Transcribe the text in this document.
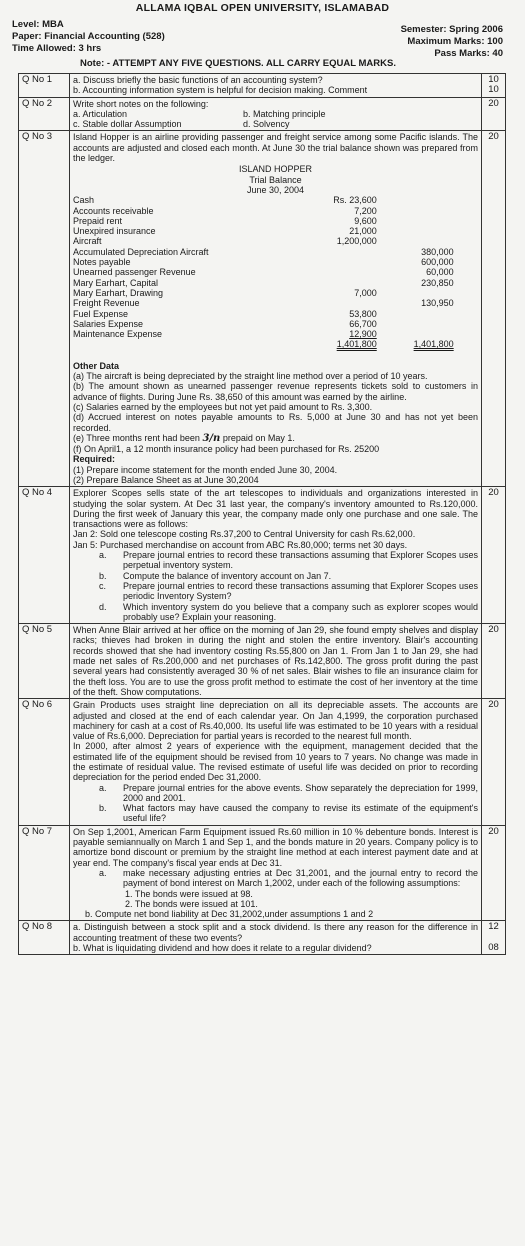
ALLAMA IQBAL OPEN UNIVERSITY, ISLAMABAD
Level: MBA
Paper: Financial Accounting (528)
Time Allowed: 3 hrs
Semester: Spring 2006
Maximum Marks: 100
Pass Marks: 40
Note: - ATTEMPT ANY FIVE QUESTIONS. ALL CARRY EQUAL MARKS.
Q No 1	a. Discuss briefly the basic functions of an accounting system?
b. Accounting information system is helpful for decision making. Comment

10
10

Q No 2	Write short notes on the following:
a. Articulation	b. Matching principle
c. Stable dollar Assumption	d. Solvency
	20
Q No 3	Island Hopper is an airline providing passenger and freight service among some Pacific islands. The accounts are adjusted and closed each month. At June 30 the trial balance shown was prepared from the ledger.
ISLAND HOPPER
Trial Balance
June 30, 2004
Cash	Rs. 23,600		
Accounts receivable	7,200		
Prepaid rent	9,600		
Unexpired insurance	21,000		
Aircraft	1,200,000		
Accumulated Depreciation Aircraft		380,000	
Notes payable		600,000	
Unearned passenger Revenue		60,000	
Mary Earhart, Capital		230,850	
Mary Earhart, Drawing	7,000		
Freight Revenue		130,950	
Fuel Expense	53,800		
Salaries Expense	66,700		
Maintenance Expense	12,900		
	1,401,800	1,401,800	
Other Data
(a) The aircraft is being depreciated by the straight line method over a period of 10 years.
(b) The amount shown as unearned passenger revenue represents tickets sold to customers in advance of flights. During June Rs. 38,650 of this amount was earned by the airline.
(c) Salaries earned by the employees but not yet paid amount to Rs. 3,300.
(d) Accrued interest on notes payable amounts to Rs. 5,000 at June 30 and has not yet been recorded.
(e) Three months rent had been 3/n prepaid on May 1.
(f) On April1, a 12 month insurance policy had been purchased for Rs. 25200
Required:
(1) Prepare income statement for the month ended June 30, 2004.
(2) Prepare Balance Sheet as at June 30,2004
	20
Q No 4	Explorer Scopes sells state of the art telescopes to individuals and organizations interested in studying the solar system. At Dec 31 last year, the company's inventory amounted to Rs.120,000. During the first week of January this year, the company made only one purchase and one sale. The transactions were as follows:
Jan 2: Sold one telescope costing Rs.37,200 to Central University for cash Rs.62,000.
Jan 5: Purchased merchandise on account from ABC Rs.80,000; terms net 30 days.
a.	Prepare journal entries to record these transactions assuming that Explorer Scopes uses perpetual inventory system.
b.	Compute the balance of inventory account on Jan 7.
c.	Prepare journal entries to record these transactions assuming that Explorer Scopes uses periodic Inventory System?
d.	Which inventory system do you believe that a company such as explorer scopes would probably use? Explain your reasoning.
	20
Q No 5	When Anne Blair arrived at her office on the morning of Jan 29, she found empty shelves and display racks; thieves had broken in during the night and stolen the entire inventory. Blair's accounting records showed that she had inventory costing Rs.55,800 on Jan 1. From Jan 1 to Jan 29, she had made net sales of Rs.200,000 and net purchases of Rs.142,800. The gross profit during the past several years had consistently averaged 30 % of net sales. Blair wishes to file an insurance claim for the theft loss. You are to use the gross profit method to estimate the cost of her inventory at the time of the theft. Show computations.	20
Q No 6	Grain Products uses straight line depreciation on all its depreciable assets. The accounts are adjusted and closed at the end of each calendar year. On Jan 4,1999, the corporation purchased machinery for cash at a cost of Rs.40,000. Its useful life was estimated to be 10 years with a residual value of Rs.6,000. Depreciation for partial years is recorded to the nearest full month.
In 2000, after almost 2 years of experience with the equipment, management decided that the estimated life of the equipment should be revised from 10 years to 7 years. No change was made in the estimate of residual value. The revised estimate of useful life was decided on prior to recording depreciation for the period ended Dec 31,2000.
a.	Prepare journal entries for the above events. Show separately the depreciation for 1999, 2000 and 2001.
b.	What factors may have caused the company to revise its estimate of the equipment's useful life?
	20
Q No 7	On Sep 1,2001, American Farm Equipment issued Rs.60 million in 10 % debenture bonds. Interest is payable semiannually on March 1 and Sep 1, and the bonds mature in 20 years. Company policy is to amortize bond discount or premium by the straight line method at each interest payment date and at year end. The company's fiscal year ends at Dec 31.
a.	make necessary adjusting entries at Dec 31,2001, and the journal entry to record the payment of bond interest on March 1,2002, under each of the following assumptions:
1. The bonds were issued at 98.
2. The bonds were issued at 101.
b. Compute net bond liability at Dec 31,2002,under assumptions 1 and 2
	20
Q No 8	a. Distinguish between a stock split and a stock dividend. Is there any reason for the difference in accounting treatment of these two events?
b. What is liquidating dividend and how does it relate to a regular dividend?

12
08
